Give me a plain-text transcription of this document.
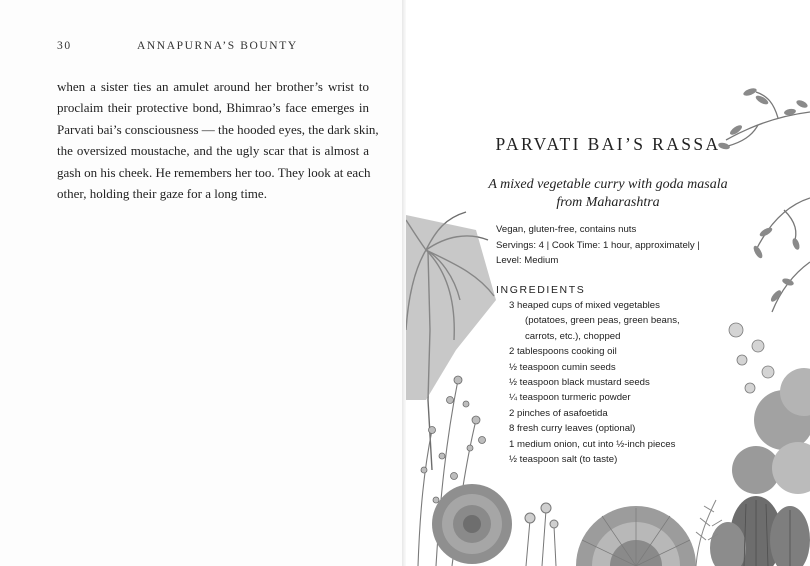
30	ANNAPURNA’S BOUNTY

when a sister ties an amulet around her brother’s wrist to
proclaim their protective bond, Bhimrao’s face emerges in
Parvati bai’s consciousness — the hooded eyes, the dark skin,
the oversized moustache, and the ugly scar that is almost a
gash on his cheek. He remembers her too. They look at each
other, holding their gaze for a long time.

PARVATI BAI’S RASSA
A mixed vegetable curry with goda masala
from Maharashtra
Vegan, gluten-free, contains nuts
Servings: 4 | Cook Time: 1 hour, approximately |
Level: Medium
INGREDIENTS
3 heaped cups of mixed vegetables
(potatoes, green peas, green beans,
carrots, etc.), chopped
2 tablespoons cooking oil
½ teaspoon cumin seeds
½ teaspoon black mustard seeds
¼ teaspoon turmeric powder
2 pinches of asafoetida
8 fresh curry leaves (optional)
1 medium onion, cut into ½-inch pieces
½ teaspoon salt (to taste)
